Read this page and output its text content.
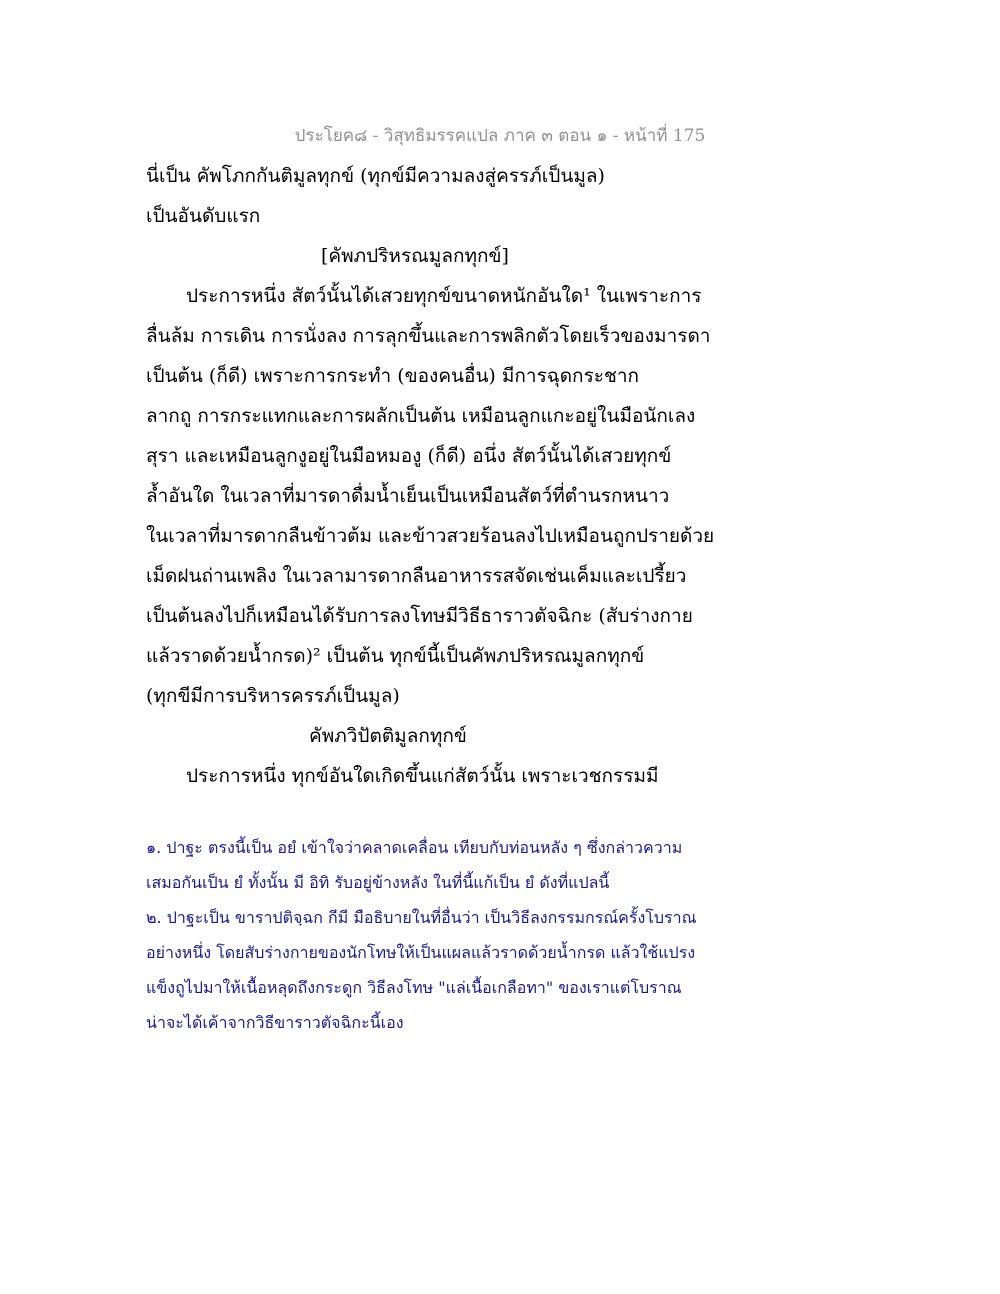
ประโยค๘ - วิสุทธิมรรคแปล ภาค ๓ ตอน ๑ - หน้าที่ 175
นี่เป็น คัพโภกกันติมูลทุกข์ (ทุกข์มีความลงสู่ครรภ์เป็นมูล)
เป็นอันดับแรก
[คัพภปริหรณมูลกทุกข์]
ประการหนึ่ง สัตว์นั้นได้เสวยทุกข์ขนาดหนักอันใด¹ ในเพราะการ
ลื่นล้ม การเดิน การนั่งลง การลุกขึ้นและการพลิกตัวโดยเร็วของมารดา
เป็นต้น (ก็ดี) เพราะการกระทำ (ของคนอื่น) มีการฉุดกระชาก
ลากถู การกระแทกและการผลักเป็นต้น เหมือนลูกแกะอยู่ในมือนักเลง
สุรา และเหมือนลูกงูอยู่ในมือหมองู (ก็ดี) อนึ่ง สัตว์นั้นได้เสวยทุกข์
ล้ำอันใด ในเวลาที่มารดาดื่มน้ำเย็นเป็นเหมือนสัตว์ที่ตำนรกหนาว
ในเวลาที่มารดากลืนข้าวต้ม และข้าวสวยร้อนลงไปเหมือนถูกปรายด้วย
เม็ดฝนถ่านเพลิง ในเวลามารดากลืนอาหารรสจัดเช่นเค็มและเปรี้ยว
เป็นต้นลงไปก็เหมือนได้รับการลงโทษมีวิธีธาราวตัจฉิกะ (สับร่างกาย
แล้วราดด้วยน้ำกรด)² เป็นต้น ทุกข์นี้เป็นคัพภปริหรณมูลกทุกข์
(ทุกขีมีการบริหารครรภ์เป็นมูล)
คัพภวิปัตติมูลกทุกข์
ประการหนึ่ง ทุกข์อันใดเกิดขึ้นแก่สัตว์นั้น เพราะเวชกรรมมี
๑. ปาฐะ ตรงนี้เป็น อยํ เข้าใจว่าคลาดเคลื่อน เทียบกับท่อนหลัง ๆ ซึ่งกล่าวความ
เสมอกันเป็น ยํ ทั้งนั้น มี อิทิ รับอยู่ข้างหลัง ในที่นี้แก้เป็น ยํ ดังที่แปลนี้
๒. ปาฐะเป็น ขาราปติจฺฉก กีมี มือธิบายในที่อื่นว่า เป็นวิธีลงกรรมกรณ์ครั้งโบราณ
อย่างหนึ่ง โดยสับร่างกายของนักโทษให้เป็นแผลแล้วราดด้วยน้ำกรด แล้วใช้แปรง
แข็งถูไปมาให้เนื้อหลุดถึงกระดูก วิธีลงโทษ "แล่เนื้อเกลือทา" ของเราแต่โบราณ
น่าจะได้เค้าจากวิธีขาราวตัจฉิกะนี้เอง
